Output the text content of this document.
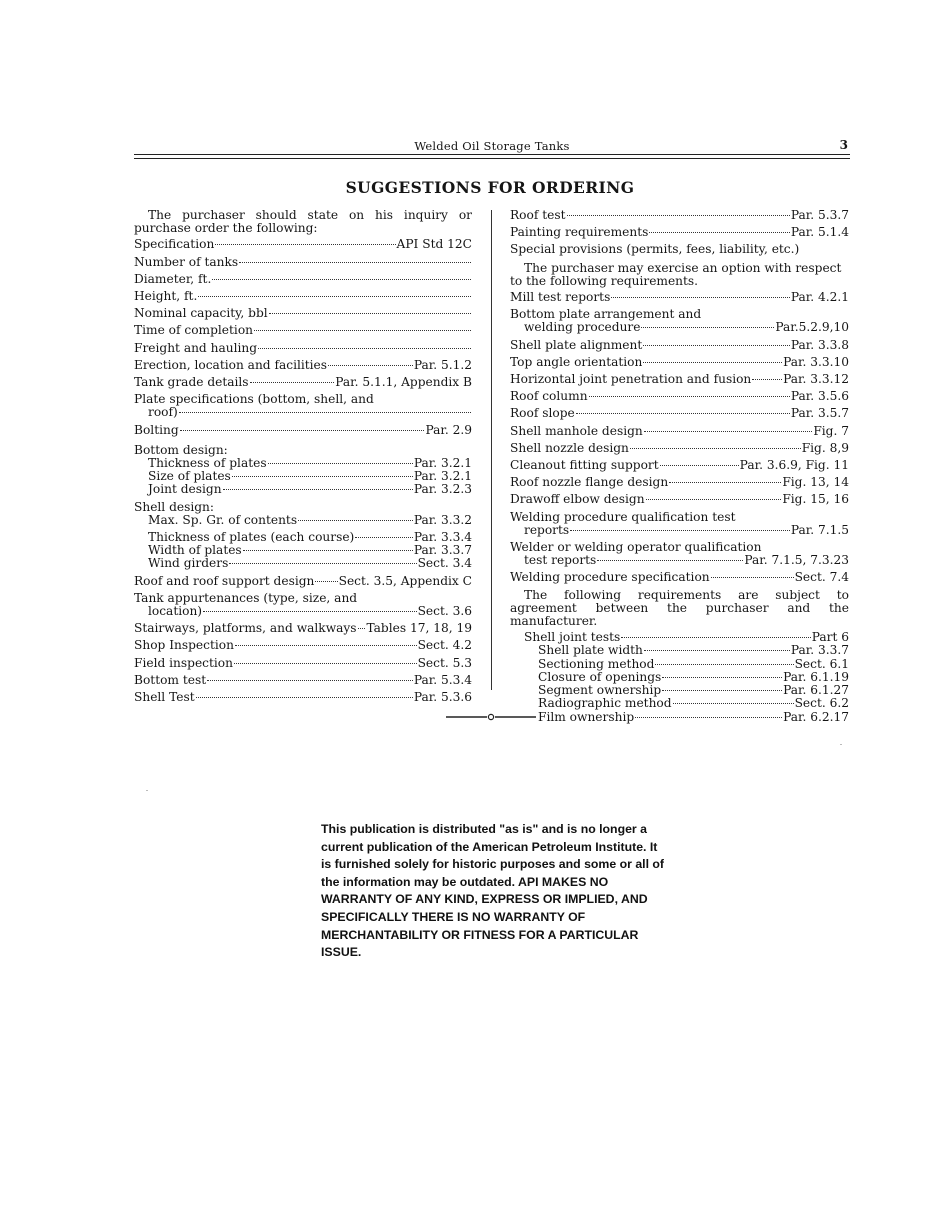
Welded Oil Storage Tanks	3
SUGGESTIONS FOR ORDERING
The purchaser should state on his inquiry or purchase order the following:
Specification	API Std 12C
Number of tanks
Diameter, ft.
Height, ft.
Nominal capacity, bbl
Time of completion
Freight and hauling
Erection, location and facilities	Par. 5.1.2
Tank grade details	Par. 5.1.1, Appendix B
Plate specifications (bottom, shell, and
roof)
Bolting	Par. 2.9
Bottom design:
Thickness of plates	Par. 3.2.1
Size of plates	Par. 3.2.1
Joint design	Par. 3.2.3
Shell design:
Max. Sp. Gr. of contents	Par. 3.3.2
Thickness of plates (each course)	Par. 3.3.4
Width of plates	Par. 3.3.7
Wind girders	Sect. 3.4
Roof and roof support design Sect. 3.5, Appendix C
Tank appurtenances (type, size, and
location)	Sect. 3.6
Stairways, platforms, and walkways Tables 17, 18, 19
Shop Inspection	Sect. 4.2
Field inspection	Sect. 5.3
Bottom test	Par. 5.3.4
Shell Test	Par. 5.3.6
Roof test	Par. 5.3.7
Painting requirements	Par. 5.1.4
Special provisions (permits, fees, liability, etc.)
The purchaser may exercise an option with respect to the following requirements.
Mill test reports	Par. 4.2.1
Bottom plate arrangement and
welding procedure	Par.5.2.9,10
Shell plate alignment	Par. 3.3.8
Top angle orientation	Par. 3.3.10
Horizontal joint penetration and fusion	Par. 3.3.12
Roof column	Par. 3.5.6
Roof slope	Par. 3.5.7
Shell manhole design	Fig. 7
Shell nozzle design	Fig. 8,9
Cleanout fitting support	Par. 3.6.9, Fig. 11
Roof nozzle flange design	Fig. 13, 14
Drawoff elbow design	Fig. 15, 16
Welding procedure qualification test
reports	Par. 7.1.5
Welder or welding operator qualification
test reports	Par. 7.1.5, 7.3.23
Welding procedure specification	Sect. 7.4
The following requirements are subject to agreement between the purchaser and the manufacturer.
Shell joint tests	Part 6
Shell plate width	Par. 3.3.7
Sectioning method	Sect. 6.1
Closure of openings	Par. 6.1.19
Segment ownership	Par. 6.1.27
Radiographic method	Sect. 6.2
Film ownership	Par. 6.2.17
This publication is distributed "as is" and is no longer a current publication of the American Petroleum Institute. It is furnished solely for historic purposes and some or all of the information may be outdated. API MAKES NO WARRANTY OF ANY KIND, EXPRESS OR IMPLIED, AND SPECIFICALLY THERE IS NO WARRANTY OF MERCHANTABILITY OR FITNESS FOR A PARTICULAR ISSUE.
